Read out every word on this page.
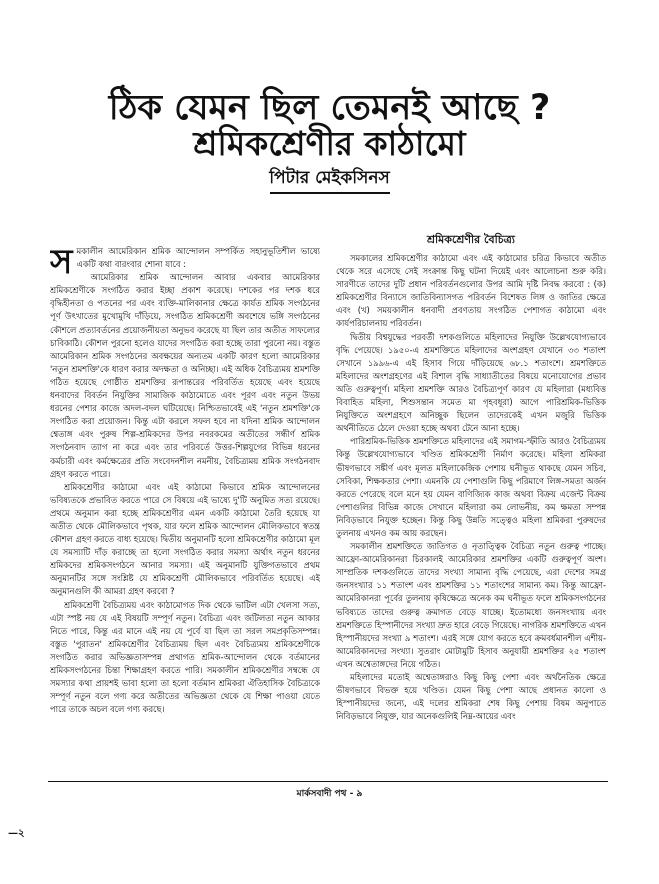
ঠিক যেমন ছিল তেমনই আছে ?
শ্রমিকশ্রেণীর কাঠামো
পিটার মেইকসিনস

সমকালীন আমেরিকান শ্রমিক আন্দোলন সম্পর্কিত সহানুভূতিশীল ভাষ্যে একটি কথা বারংবার শোনা যাবে :

আমেরিকার শ্রমিক আন্দোলন আবার একবার আমেরিকার শ্রমিকশ্রেণীকে সংগঠিত করার ইচ্ছা প্রকাশ করেছে। দশকের পর দশক ধরে বৃদ্ধিহীনতা ও পতনের পর এবং ব্যক্তি-মালিকানার ক্ষেত্রে কার্যত শ্রমিক সংগঠনের পূর্ণ উৎখাতের মুখোমুখি দাঁড়িয়ে, সংগঠিত শ্রমিকশ্রেণী অবশেষে ভঙ্গি সংগঠনের কৌশলে প্রত্যাবর্তনের প্রয়োজনীয়তা অনুভব করেছে যা ছিল তার অতীত সাফল্যের চাবিকাঠি। কৌশল পুরনো হলেও যাদের সংগঠিত করা হচ্ছে তারা পুরনো নয়। বস্তুত আমেরিকান শ্রমিক সংগঠনের অবক্ষয়ের অন্যতম একটি কারণ হলো আমেরিকার 'নতুন শ্রমশক্তি'কে ধারণ করার অদক্ষতা ও অনিচ্ছা। এই অধিক বৈচিত্র্যময় শ্রমশক্তি গঠিত হয়েছে গোষ্ঠীত শ্রমশক্তির রূপান্তরের পরিবর্তিত হয়েছে এবং হয়েছে ধনবাদের বিবর্তন নিযুক্তির সামাজিক কাঠামোতে এবং পূরণ এবং নতুন উভয় ধরনের পেশার কাজে অদল-বদল ঘটিয়েছে। নিশ্চিতভাবেই এই 'নতুন শ্রমশক্তি'কে সংগঠিত করা প্রয়োজন। কিন্তু এটা করলে সফল হবে না যদিনা শ্রমিক আন্দোলন শ্বেতাঙ্গ এবং পুরুষ শিল্প-শ্রমিকদের উপর নবরকমের অতীতের সন্ধীর্ণ শ্রমিক সংগঠনবাদ ত্যাগ না করে এবং তার পরিবর্তে উত্তর-শিল্পযুগের বিভিন্ন ধরনের কর্মচারী এবং কর্মক্ষেত্রের প্রতি সংবেদনশীল নমনীয়, বৈচিত্র্যময় শ্রমিক সংগঠনবাদ গ্রহণ করতে পারে।

শ্রমিকশ্রেণীর কাঠামো এবং এই কাঠামো কিভাবে শ্রমিক আন্দোলনের ভবিষ্যতকে প্রভাবিত করতে পারে সে বিষয়ে এই ভাষ্যে দু'টি অনুমিত সত্য রয়েছে। প্রথমে অনুমান করা হচ্ছে শ্রমিকশ্রেণীর এমন একটি কাঠামো তৈরি হয়েছে যা অতীত থেকে মৌলিকভাবে পৃথক, যার ফলে শ্রমিক আন্দোলন মৌলিকভাবে স্বতন্ত্র কৌশল গ্রহণ করতে বাধ্য হয়েছে। দ্বিতীয় অনুমানটি হলো শ্রমিকশ্রেণীর কাঠামো মূল যে সমস্যাটি দাঁড় করাচ্ছে তা হলো সংগঠিত করার সমস্যা অর্থাৎ নতুন ধরনের শ্রমিকদের শ্রমিকসংগঠনে আনার সমস্যা। এই অনুমানটি যুক্তিগতভাবে প্রথম অনুমানটির সঙ্গে সংশ্লিষ্ট যে শ্রমিকশ্রেণী মৌলিকভাবে পরিবর্তিত হয়েছে। এই অনুমানগুলি কী আমরা গ্রহণ করবো ?

শ্রমিকশ্রেণী বৈচিত্র্যময় এবং কাঠামোগত দিক থেকে ভাটিল এটা খেলসা সত্য, এটা স্পষ্ট নয় যে এই বিষয়টি সম্পূর্ণ নতুন। বৈচিত্র্য এবং জটিলতা নতুন আকার নিতে পারে, কিন্তু এর মানে এই নয় যে পূর্বে যা ছিল তা সরল সমপ্রকৃতিসম্পন্ন। বস্তুত 'পুরাতন' শ্রমিকশ্রেণীর বৈচিত্র্যময় ছিল এবং বৈচিত্র্যময় শ্রমিকশ্রেণীকে সংগঠিত করার অভিজ্ঞতাসম্পন্ন প্রথাগত শ্রমিক-আন্দোলন থেকে বর্তমানের শ্রমিকসংগঠনের চিন্তা শিক্ষাগ্রহণ করতে পারি। সমকালীন শ্রমিকশ্রেণীর সম্বন্ধে যে সমস্যার কথা প্রায়শই ভাবা হলো তা হলো বর্তমান শ্রমিকরা ঐতিহাসিক বৈচিত্র্যকে সম্পূর্ণ নতুন বলে গণ্য করে অতীতের অভিজ্ঞতা থেকে যে শিক্ষা পাওয়া যেতে পারে তাকে অচল বলে গণ্য করছে।

শ্রমিকশ্রেণীর বৈচিত্র্য

সমকালের শ্রমিকশ্রেণীর কাঠামো এবং এই কাঠামোর চরিত্র কিভাবে অতীত থেকে সরে এসেছে সেই সংক্রান্ত কিছু ঘটনা দিয়েই এবং আলোচনা শুরু করি। সারণীতে তাদের দুটি প্রধান পরিবর্তনগুলোর উপর আমি দৃষ্টি নিবদ্ধ করবো : (ক) শ্রমিকশ্রেণীর বিন্যাসে জাতিবিন্যাসগত পরিবর্তন বিশেষত লিঙ্গ ও জাতির ক্ষেত্রে এবং (খ) সময়কালীন ধনবাদী প্রবণতায় সংগঠিত পেশাগত কাঠামো এবং কার্যপরিচালনায় পরিবর্তন।

দ্বিতীয় বিশ্বযুদ্ধের পরবর্তী দশকগুলিতে মহিলাদের নিযুক্তি উল্লেখযোগ্যভাবে বৃদ্ধি পেয়েছে। ১৯৫০-এ শ্রমশক্তিতে মহিলাদের অংশগ্রহণ যেখানে ৩৩ শতাংশ সেখানে ১৯৯৬-এ এই হিসাব গিয়ে দাঁড়িয়েছে ৬৮.১ শতাংশে। শ্রমশক্তিতে মহিলাদের অংশগ্রহণের এই বিশাল বৃদ্ধি সাধ্যাতীতের বিষয়ে মনোযোগের প্রভাব অতি গুরুত্বপূর্ণ। মহিলা শ্রমশক্তি আরও বৈচিত্র্যপূর্ণ কারণ যে মহিলারা (মধ্যবিত্ত বিবাহিত মহিলা, শিশুসন্তান সমেত মা গৃহবধূরা) আগে পারিশ্রমিক-ভিত্তিক নিযুক্তিতে অংশগ্রহণে অনিচ্ছুক ছিলেন তাদেরকেই এখন মজুরি ভিত্তিক অর্থনীতিতে ঠেলে দেওয়া হচ্ছে অথবা টেনে আনা হচ্ছে।

পারিশ্রমিক-ভিত্তিক শ্রমশক্তিতে মহিলাদের এই সমাগম-স্ফীতি আরও বৈচিত্র্যময় কিন্তু উল্লেখযোগ্যভাবে খণ্ডিত শ্রমিকশ্রেণী নির্মাণ করেছে। মহিলা শ্রমিকরা ভীষণভাবে সঙ্কীর্ণ এবং মূলত মহিলাকেন্দ্রিক পেশায় ঘনীভূত থাকছে যেমন সচিব, সেবিকা, শিক্ষকতার পেশা। এমনকি যে পেশাগুলি কিছু পরিমাণে লিঙ্গ-সমতা অর্জন করতে পেরেছে বলে মনে হয় যেমন বাণিজ্যিক কাজ অথবা বিক্রয় এজেন্ট বিক্রয় পেশাগুলির বিভিন্ন কাজে সেখানে মহিলারা কম লোভনীয়, কম ক্ষমতা সম্পন্ন নিবিড়ভাবে নিযুক্ত হচ্ছেন। কিন্তু কিছু উন্নতি সত্ত্বেও মহিলা শ্রমিকরা পুরুষদের তুলনায় এখনও কম আয় করছেন।

সমকালীন শ্রমশক্তিতে জাতিগত ও নৃতাত্ত্বিক বৈচিত্র্য নতুন গুরুত্ব পাচ্ছে। আফ্রো-আমেরিকানরা চিরকালই আমেরিকার শ্রমশক্তির একটি গুরুত্বপূর্ণ অংশ। সাম্প্রতিক দশকগুলিতে তাদের সংখ্যা সামান্য বৃদ্ধি পেয়েছে, এরা দেশের সমগ্র জনসংখ্যার ১১ শতাংশ এবং শ্রমশক্তির ১১ শতাংশের সামান্য কম। কিন্তু আফ্রো-আমেরিকানরা পূর্বের তুলনায় কৃষিক্ষেত্রে অনেক কম ঘনীভূত ফলে শ্রমিকসংগঠনের ভবিষ্যতে তাদের গুরুত্ব ক্রমাগত বেড়ে যাচ্ছে। ইতোমধ্যে জনসংখ্যায় এবং শ্রমশক্তিতে হিস্পানীদের সংখ্যা দ্রুত হারে বেড়ে গিয়েছে। নাগরিক শ্রমশক্তিতে এখন হিস্পানীয়দের সংখ্যা ৯ শতাংশ। এরই সঙ্গে যোগ করতে হবে ক্রমবর্ধমানশীল এশীয়-আমেরিকানদের সংখ্যা। সুতরাং মোটামুটি হিসাব অনুযায়ী শ্রমশক্তির ২৫ শতাংশ এখন অশ্বেতাঙ্গদের নিয়ে গঠিত।

মহিলাদের মতোই অশ্বেতাঙ্গরাও কিছু কিছু পেশা এবং অর্থনৈতিক ক্ষেত্রে ভীষণভাবে বিভক্ত হয়ে খণ্ডিত। যেমন কিছু পেশা আছে প্রধানত কালো ও হিস্পানীয়দের জন্যে, এই দলের শ্রমিকরা শেষ কিছু পেশায় বিষম অনুপাতে নিবিড়ভাবে নিযুক্ত, যার অনেকগুলিই নিম্ন-আয়ের এবং

মার্কসবাদী পথ - ৯
—২
